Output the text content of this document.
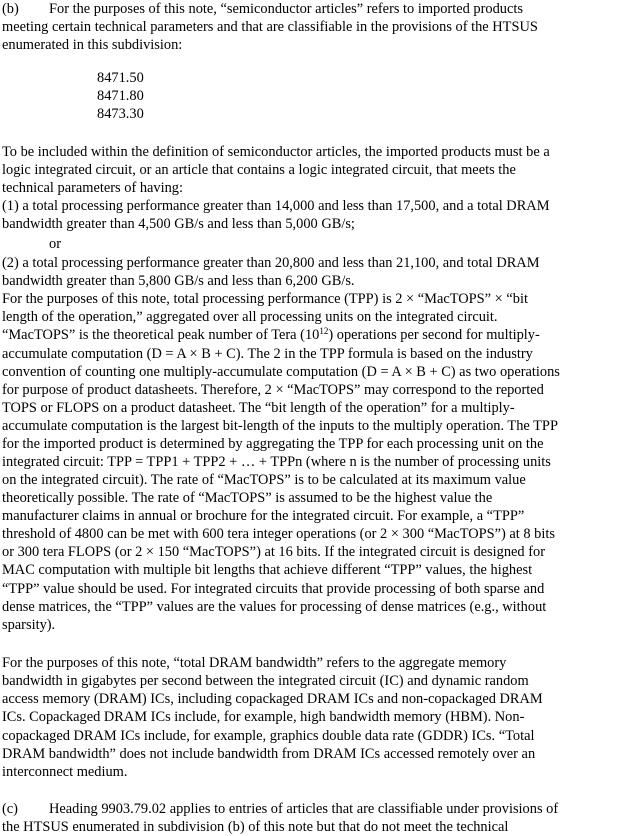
(b) For the purposes of this note, “semiconductor articles” refers to imported products
meeting certain technical parameters and that are classifiable in the provisions of the HTSUS
enumerated in this subdivision:
8471.50
8471.80
8473.30
To be included within the definition of semiconductor articles, the imported products must be a
logic integrated circuit, or an article that contains a logic integrated circuit, that meets the
technical parameters of having:
(1) a total processing performance greater than 14,000 and less than 17,500, and a total DRAM
bandwidth greater than 4,500 GB/s and less than 5,000 GB/s;
or
(2) a total processing performance greater than 20,800 and less than 21,100, and total DRAM
bandwidth greater than 5,800 GB/s and less than 6,200 GB/s.
For the purposes of this note, total processing performance (TPP) is 2 × “MacTOPS” × “bit
length of the operation,” aggregated over all processing units on the integrated circuit.
“MacTOPS” is the theoretical peak number of Tera $(10^{12})$ operations per second for multiply-
accumulate computation (D = A × B + C). The 2 in the TPP formula is based on the industry
convention of counting one multiply-accumulate computation (D = A × B + C) as two operations
for purpose of product datasheets. Therefore, 2 × “MacTOPS” may correspond to the reported
TOPS or FLOPS on a product datasheet. The “bit length of the operation” for a multiply-
accumulate computation is the largest bit-length of the inputs to the multiply operation. The TPP
for the imported product is determined by aggregating the TPP for each processing unit on the
integrated circuit: TPP = TPP1 + TPP2 + … + TPPn (where n is the number of processing units
on the integrated circuit). The rate of “MacTOPS” is to be calculated at its maximum value
theoretically possible. The rate of “MacTOPS” is assumed to be the highest value the
manufacturer claims in annual or brochure for the integrated circuit. For example, a “TPP”
threshold of 4800 can be met with 600 tera integer operations (or 2 × 300 “MacTOPS”) at 8 bits
or 300 tera FLOPS (or 2 × 150 “MacTOPS”) at 16 bits. If the integrated circuit is designed for
MAC computation with multiple bit lengths that achieve different “TPP” values, the highest
“TPP” value should be used. For integrated circuits that provide processing of both sparse and
dense matrices, the “TPP” values are the values for processing of dense matrices (e.g., without
sparsity).
For the purposes of this note, “total DRAM bandwidth” refers to the aggregate memory
bandwidth in gigabytes per second between the integrated circuit (IC) and dynamic random
access memory (DRAM) ICs, including copackaged DRAM ICs and non-copackaged DRAM
ICs. Copackaged DRAM ICs include, for example, high bandwidth memory (HBM). Non-
copackaged DRAM ICs include, for example, graphics double data rate (GDDR) ICs. “Total
DRAM bandwidth” does not include bandwidth from DRAM ICs accessed remotely over an
interconnect medium.
(c) Heading 9903.79.02 applies to entries of articles that are classifiable under provisions of
the HTSUS enumerated in subdivision (b) of this note but that do not meet the technical
